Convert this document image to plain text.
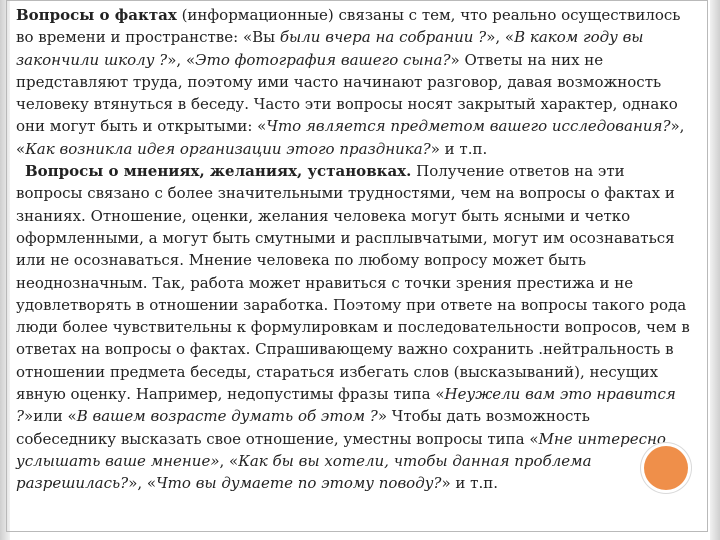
Вопросы о фактах (информационные) связаны с тем, что реально осуществилось во времени и пространстве: «Вы были вчера на собрании ?», «В каком году вы закончили школу ?», «Это фотография вашего сына?» Ответы на них не представляют труда, поэтому ими часто начинают разговор, давая возможность человеку втянуться в беседу. Часто эти вопросы носят закрытый характер, однако они могут быть и открытыми: «Что является предметом вашего исследования?», «Как возникла идея организации этого праздника?» и т.п.

Вопросы о мнениях, желаниях, установках. Получение ответов на эти вопросы связано с более значительными трудностями, чем на вопросы о фактах и знаниях. Отношение, оценки, желания человека могут быть ясными и четко оформленными, а могут быть смутными и расплывчатыми, могут им осознаваться или не осознаваться. Мнение человека по любому вопросу может быть неоднозначным. Так, работа может нравиться с точки зрения престижа и не удовлетворять в отношении заработка. Поэтому при ответе на вопросы такого рода люди более чувствительны к формулировкам и последовательности вопросов, чем в ответах на вопросы о фактах. Спрашивающему важно сохранить .нейтральность в отношении предмета беседы, стараться избегать слов (высказываний), несущих явную оценку. Например, недопустимы фразы типа «Неужели вам это нравится ?»или «В вашем возрасте думать об этом ?» Чтобы дать возможность собеседнику высказать свое отношение, уместны вопросы типа «Мне интересно услышать ваше мнение», «Как бы вы хотели, чтобы данная проблема разрешилась?», «Что вы думаете по этому поводу?» и т.п.
